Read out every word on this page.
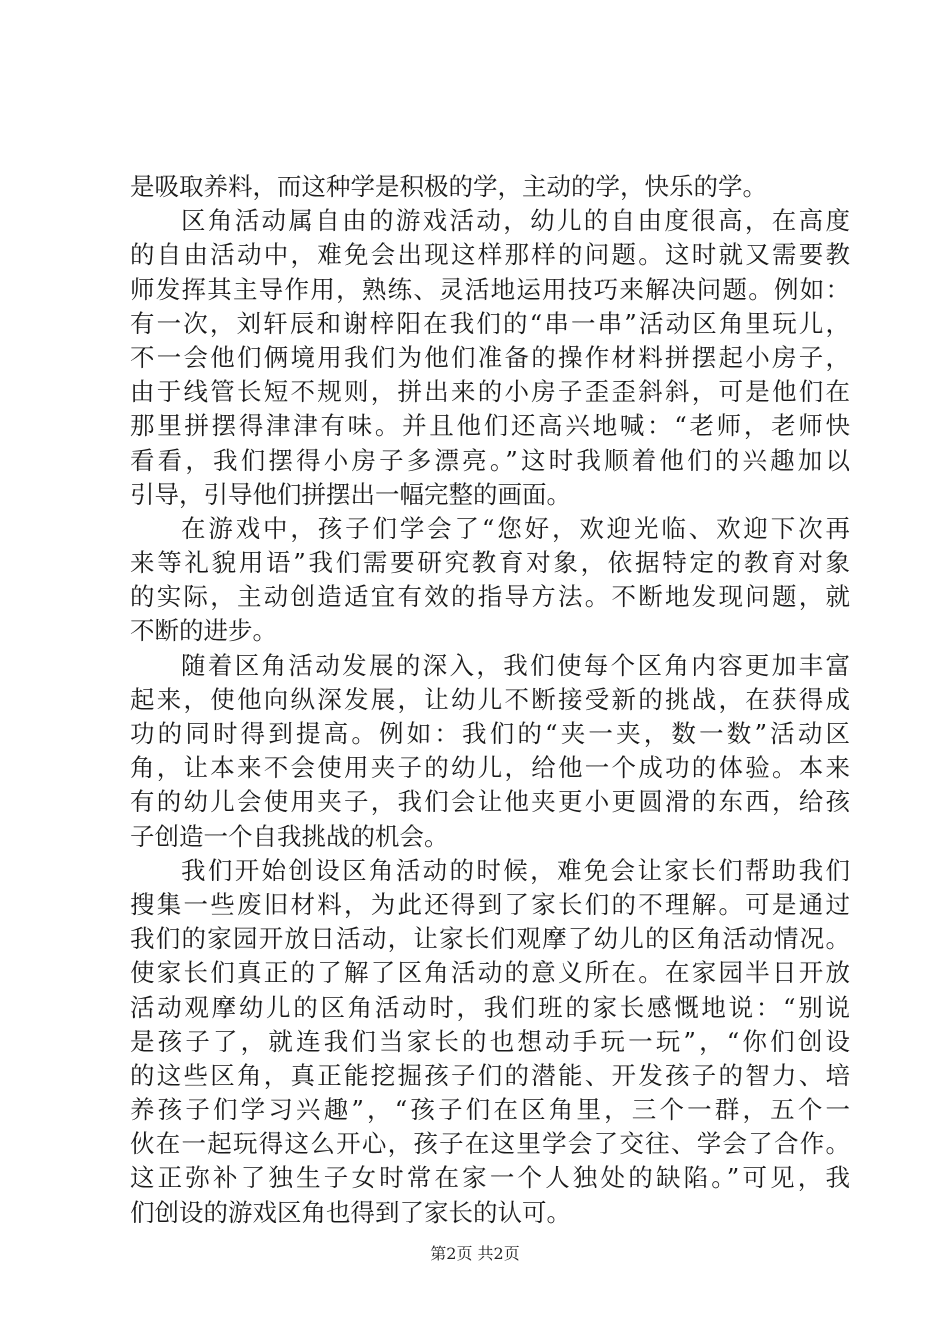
是吸取养料，而这种学是积极的学，主动的学，快乐的学。
区角活动属自由的游戏活动，幼儿的自由度很高，在高度
的自由活动中，难免会出现这样那样的问题。这时就又需要教
师发挥其主导作用，熟练、灵活地运用技巧来解决问题。例如：
有一次，刘轩辰和谢梓阳在我们的“串一串”活动区角里玩儿，
不一会他们俩境用我们为他们准备的操作材料拼摆起小房子，
由于线管长短不规则，拼出来的小房子歪歪斜斜，可是他们在
那里拼摆得津津有味。并且他们还高兴地喊：“老师，老师快
看看，我们摆得小房子多漂亮。”这时我顺着他们的兴趣加以
引导，引导他们拼摆出一幅完整的画面。
在游戏中，孩子们学会了“您好，欢迎光临、欢迎下次再
来等礼貌用语”我们需要研究教育对象，依据特定的教育对象
的实际，主动创造适宜有效的指导方法。不断地发现问题，就
不断的进步。
随着区角活动发展的深入，我们使每个区角内容更加丰富
起来，使他向纵深发展，让幼儿不断接受新的挑战，在获得成
功的同时得到提高。例如：我们的“夹一夹，数一数”活动区
角，让本来不会使用夹子的幼儿，给他一个成功的体验。本来
有的幼儿会使用夹子，我们会让他夹更小更圆滑的东西，给孩
子创造一个自我挑战的机会。
我们开始创设区角活动的时候，难免会让家长们帮助我们
搜集一些废旧材料，为此还得到了家长们的不理解。可是通过
我们的家园开放日活动，让家长们观摩了幼儿的区角活动情况。
使家长们真正的了解了区角活动的意义所在。在家园半日开放
活动观摩幼儿的区角活动时，我们班的家长感慨地说：“别说
是孩子了，就连我们当家长的也想动手玩一玩”，“你们创设
的这些区角，真正能挖掘孩子们的潜能、开发孩子的智力、培
养孩子们学习兴趣”，“孩子们在区角里，三个一群，五个一
伙在一起玩得这么开心，孩子在这里学会了交往、学会了合作。
这正弥补了独生子女时常在家一个人独处的缺陷。”可见，我
们创设的游戏区角也得到了家长的认可。
第2页 共2页
